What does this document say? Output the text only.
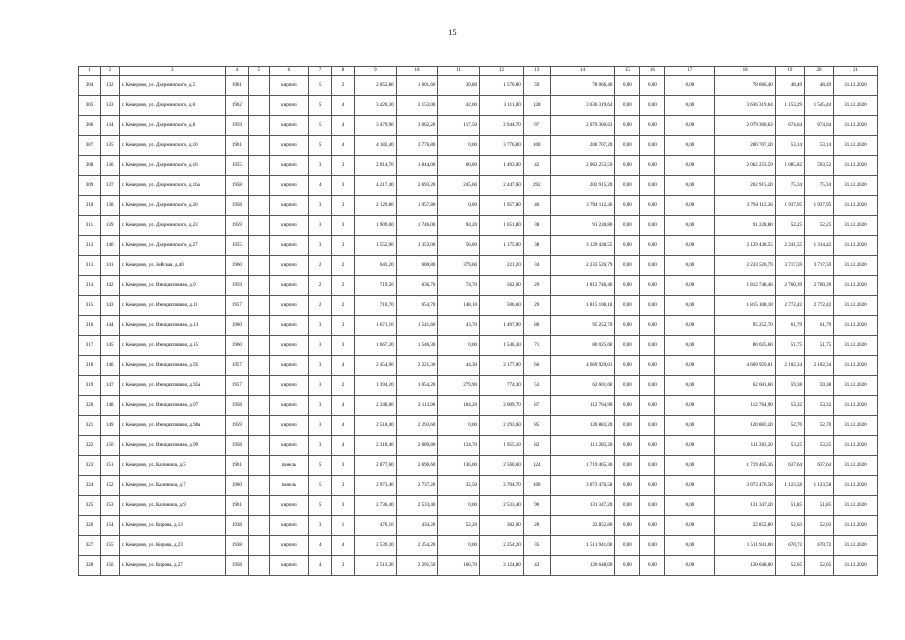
15
1	2	3	4	5	6	7	8	9	10	11	12	13	14	15	16	17	18	19	20	21
304	132	г. Кемерово, ул. Дзержинского, д.5	1961		кирпич	5	2	2 052,80	1 601,60	30,80	1 570,80	59	78 066,40	0,00	0,00	0,00	78 066,40	48,49	48,49	31.12.2020
305	133	г. Кемерово, ул. Дзержинского, д.6	1962		кирпич	5	4	3 420,30	3 153,00	42,00	3 111,00	128	3 636 319,64	0,00	0,00	0,00	3 636 319,64	1 153,29	1 545,44	31.12.2020
306	134	г. Кемерово, ул. Дзержинского, д.8	1959		кирпич	5	4	3 479,90	3 062,20	117,50	2 944,70	97	2 079 360,63	0,00	0,00	0,00	2 079 360,63	674,64	674,64	31.12.2020
307	135	г. Кемерово, ул. Дзержинского, д.10	1961		кирпич	5	4	4 182,40	3 776,80	0,00	3 776,80	100	200 707,20	0,00	0,00	0,00	200 707,20	53,14	53,14	31.12.2020
308	136	г. Кемерово, ул. Дзержинского, д.16	1955		кирпич	3	3	2 014,70	1 844,00	60,00	1 493,00	42	2 062 253,59	0,00	0,00	0,00	2 062 253,59	1 085,82	593,52	31.12.2020
309	137	г. Кемерово, ул. Дзержинского, д.16а	1958		кирпич	4	3	4 217,40	2 693,20	245,60	2 447,60	292	202 915,20	0,00	0,00	0,00	202 915,20	75,34	75,34	31.12.2020
310	138	г. Кемерово, ул. Дзержинского, д.20	1958		кирпич	3	3	2 129,80	1 957,80	0,00	1 957,80	46	3 794 112,36	0,00	0,00	0,00	3 794 112,36	1 937,95	1 937,95	31.12.2020
311	139	г. Кемерово, ул. Дзержинского, д.23	1959		кирпич	3	3	1 909,60	1 746,00	94,20	1 651,80	38	91 228,80	0,00	0,00	0,00	91 228,80	52,25	52,25	31.12.2020
312	140	г. Кемерово, ул. Дзержинского, д.27	1955		кирпич	3	3	1 552,90	1 353,00	56,00	1 175,00	38	3 129 438,55	0,00	0,00	0,00	3 129 438,55	2 241,55	1 314,42	31.12.2020
313	141	г. Кемерово, ул. Зейская, д.40	1960		кирпич	2	2	643,20	600,80	379,60	221,20	34	2 233 526,79	0,00	0,00	0,00	2 233 526,79	3 717,59	3 717,59	31.12.2020
314	142	г. Кемерово, ул. Инициативная, д.9	1959		кирпич	2	2	719,50	636,70	74,70	562,00	29	1 812 748,46	0,00	0,00	0,00	1 812 748,46	2 760,39	2 760,39	31.12.2020
315	143	г. Кемерово, ул. Инициативная, д.11	1957		кирпич	2	2	710,70	654,70	148,10	506,60	29	1 815 108,18	0,00	0,00	0,00	1 815 108,18	2 772,42	2 772,42	31.12.2020
316	144	г. Кемерово, ул. Инициативная, д.13	1960		кирпич	3	3	1 671,10	1 541,60	43,70	1 497,90	80	95 252,70	0,00	0,00	0,00	95 252,70	61,79	61,79	31.12.2020
317	145	г. Кемерово, ул. Инициативная, д.15	1960		кирпич	3	3	1 667,20	1 546,30	0,00	1 546,30	71	80 025,60	0,00	0,00	0,00	80 025,60	51,75	51,75	31.12.2020
318	146	г. Кемерово, ул. Инициативная, д.95	1957		кирпич	3	4	2 454,90	2 221,30	44,30	2 177,00	66	4 669 929,01	0,00	0,00	0,00	4 669 929,01	2 102,34	2 102,34	31.12.2020
319	147	г. Кемерово, ул. Инициативная, д.95а	1957		кирпич	3	2	1 394,20	1 054,20	279,90	774,30	53	62 601,60	0,00	0,00	0,00	62 601,60	59,38	59,38	31.12.2020
320	148	г. Кемерово, ул. Инициативная, д.97	1958		кирпич	3	4	2 348,00	2 113,90	104,20	2 009,70	87	112 764,90	0,00	0,00	0,00	112 764,90	53,32	53,32	31.12.2020
321	149	г. Кемерово, ул. Инициативная, д.98а	1959		кирпич	3	4	2 518,40	2 293,60	0,00	2 293,60	85	120 883,20	0,00	0,00	0,00	120 883,20	52,70	52,70	31.12.2020
322	150	г. Кемерово, ул. Инициативная, д.99	1958		кирпич	3	4	2 318,40	2 089,80	134,70	1 955,10	82	111 283,20	0,00	0,00	0,00	111 283,20	53,25	53,25	31.12.2020
323	151	г. Кемерово, ул. Калинина, д.5	1961		панель	5	3	2 877,60	2 696,60	136,00	2 560,60	124	1 719 465,36	0,00	0,00	0,00	1 719 465,36	637,64	637,64	31.12.2020
324	152	г. Кемерово, ул. Калинина, д.7	1960		панель	5	3	2 973,40	2 737,20	32,50	2 704,70	100	3 073 476,58	0,00	0,00	0,00	3 073 476,58	1 123,58	1 123,58	31.12.2020
325	153	г. Кемерово, ул. Калинина, д.9	1961		кирпич	5	3	2 736,40	2 533,40	0,00	2 533,40	90	131 347,20	0,00	0,00	0,00	131 347,20	51,85	51,85	31.12.2020
326	154	г. Кемерово, ул. Кирова, д.13	1938		кирпич	3	1	476,10	434,20	52,20	382,00	20	22 852,80	0,00	0,00	0,00	22 852,80	52,63	52,63	31.12.2020
327	155	г. Кемерово, ул. Кирова, д.23	1938		кирпич	4	4	2 539,30	2 254,20	0,00	2 254,20	35	1 511 941,00	0,00	0,00	0,00	1 511 941,00	670,72	670,72	31.12.2020
328	156	г. Кемерово, ул. Кирова, д.27	1958		кирпич	4	3	2 513,30	2 291,50	166,70	2 124,80	43	120 648,00	0,00	0,00	0,00	120 648,00	52,65	52,65	31.12.2020
